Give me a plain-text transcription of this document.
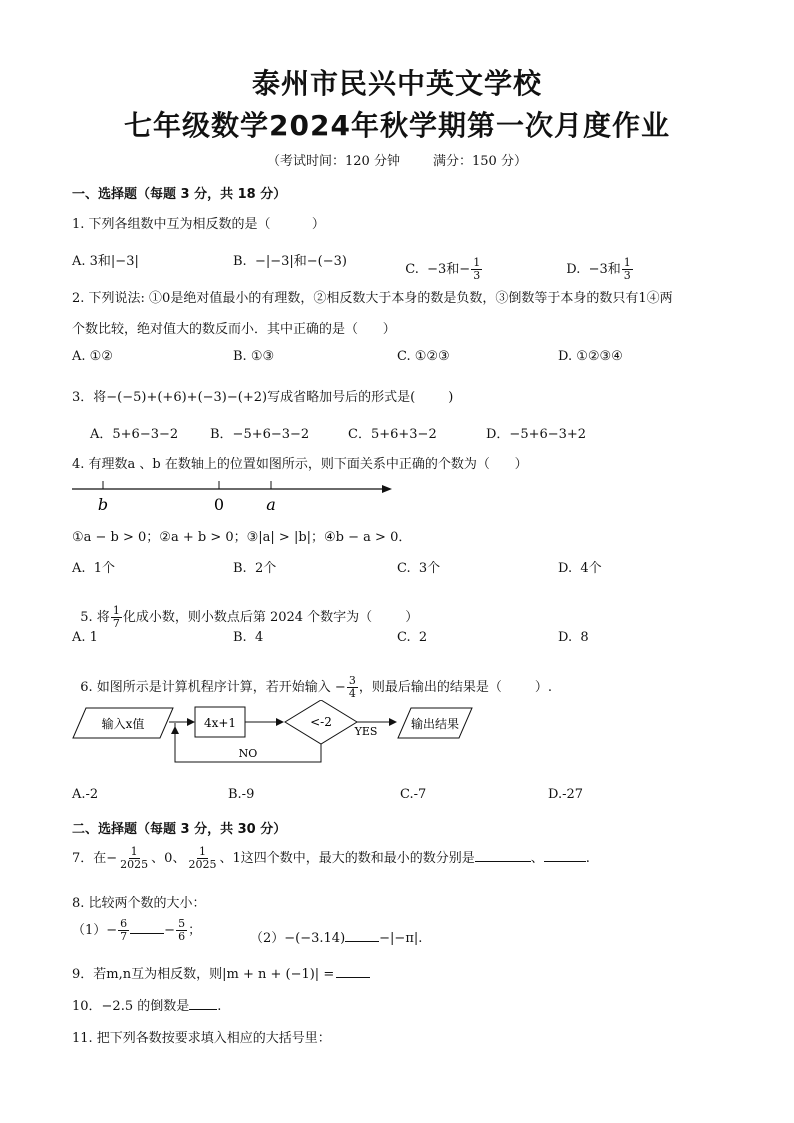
泰州市民兴中英文学校
七年级数学2024年秋学期第一次月度作业
（考试时间：120 分钟        满分：150 分）
一、选择题（每题 3 分，共 18 分）
1. 下列各组数中互为相反数的是（          ）
A. 3和|−3|	B.  −|−3|和−(−3)

C.  −3和− $\frac{1}{3}$	D.  −3和 $\frac{1}{3}$

2. 下列说法: ①0是绝对值最小的有理数，②相反数大于本身的数是负数，③倒数等于本身的数只有1④两
个数比较，绝对值大的数反而小．其中正确的是（      ）
A. ①②	B. ①③	C. ①②③	D. ①②③④
3．将−(−5)+(+6)+(−3)−(+2)写成省略加号后的形式是(        )
A．5+6−3−2 B．−5+6−3−2	C．5+6+3−2	D．−5+6−3+2
4. 有理数a 、b 在数轴上的位置如图所示，则下面关系中正确的个数为（      ）
b	0	a
①a − b > 0；②a + b > 0；③|a| > |b|；④b − a > 0．
A.  1个	B.  2个	C.  3个	D.  4个

5. 将 $\frac{1}{7}$ 化成小数，则小数点后第 2024 个数字为（        ）

A. 1	B.  4	C.  2	D.  8

6. 如图所示是计算机程序计算，若开始输入 − $\frac{3}{4}$ ，则最后输出的结果是（        ）.

输入x值	4x+1	<-2
YES
输出结果
NO
A.-2	B.-9	C.-7	D.-27
二、选择题（每题 3 分，共 30 分）
7．在− $\frac{1}{2025}$ 、0、 $\frac{1}{2025}$ 、1这四个数中，最大的数和最小的数分别是	、	.
8. 比较两个数的大小：
$(1)- \frac{6}{7}$	− $\frac{5}{6}$ ；
（2）−(−3.14)	−|−π|.
9．若m,n互为相反数，则|m + n + (−1)| =
10．−2.5 的倒数是 .
11. 把下列各数按要求填入相应的大括号里：
